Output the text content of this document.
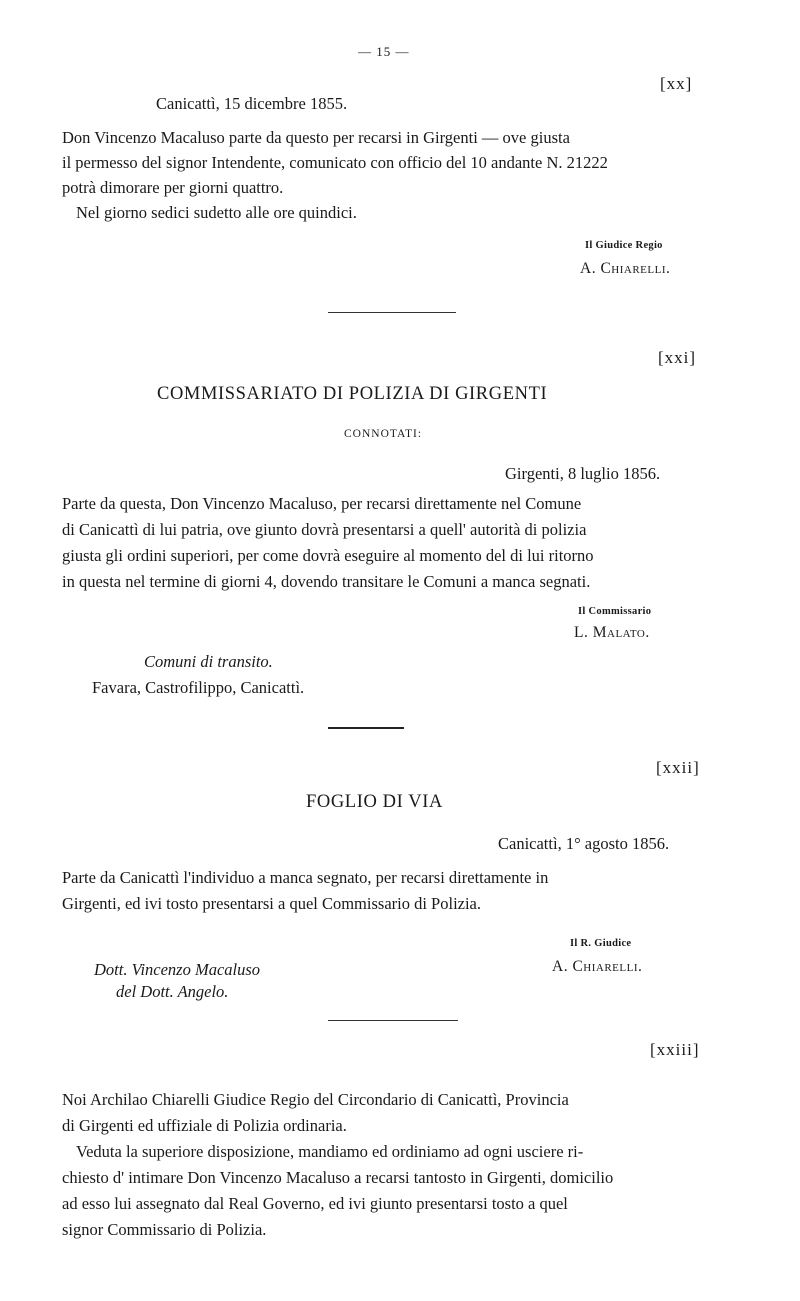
— 15 —
[xx]
Canicattì, 15 dicembre 1855.
Don Vincenzo Macaluso parte da questo per recarsi in Girgenti — ove giusta
il permesso del signor Intendente, comunicato con officio del 10 andante N. 21222
potrà dimorare per giorni quattro.
Nel giorno sedici sudetto alle ore quindici.
Il Giudice Regio
A. Chiarelli.
[xxi]
COMMISSARIATO DI POLIZIA DI GIRGENTI
CONNOTATI:
Girgenti, 8 luglio 1856.
Parte da questa, Don Vincenzo Macaluso, per recarsi direttamente nel Comune
di Canicattì di lui patria, ove giunto dovrà presentarsi a quell' autorità di polizia
giusta gli ordini superiori, per come dovrà eseguire al momento del di lui ritorno
in questa nel termine di giorni 4, dovendo transitare le Comuni a manca segnati.
Il Commissario
L. Malato.
Comuni di transito.
Favara, Castrofilippo, Canicattì.
[xxii]
FOGLIO DI VIA
Canicattì, 1° agosto 1856.
Parte da Canicattì l'individuo a manca segnato, per recarsi direttamente in
Girgenti, ed ivi tosto presentarsi a quel Commissario di Polizia.
Il R. Giudice
Dott. Vincenzo Macaluso	A. Chiarelli.
del Dott. Angelo.
[xxiii]
Noi Archilao Chiarelli Giudice Regio del Circondario di Canicattì, Provincia
di Girgenti ed uffiziale di Polizia ordinaria.
Veduta la superiore disposizione, mandiamo ed ordiniamo ad ogni usciere ri-
chiesto d' intimare Don Vincenzo Macaluso a recarsi tantosto in Girgenti, domicilio
ad esso lui assegnato dal Real Governo, ed ivi giunto presentarsi tosto a quel
signor Commissario di Polizia.
